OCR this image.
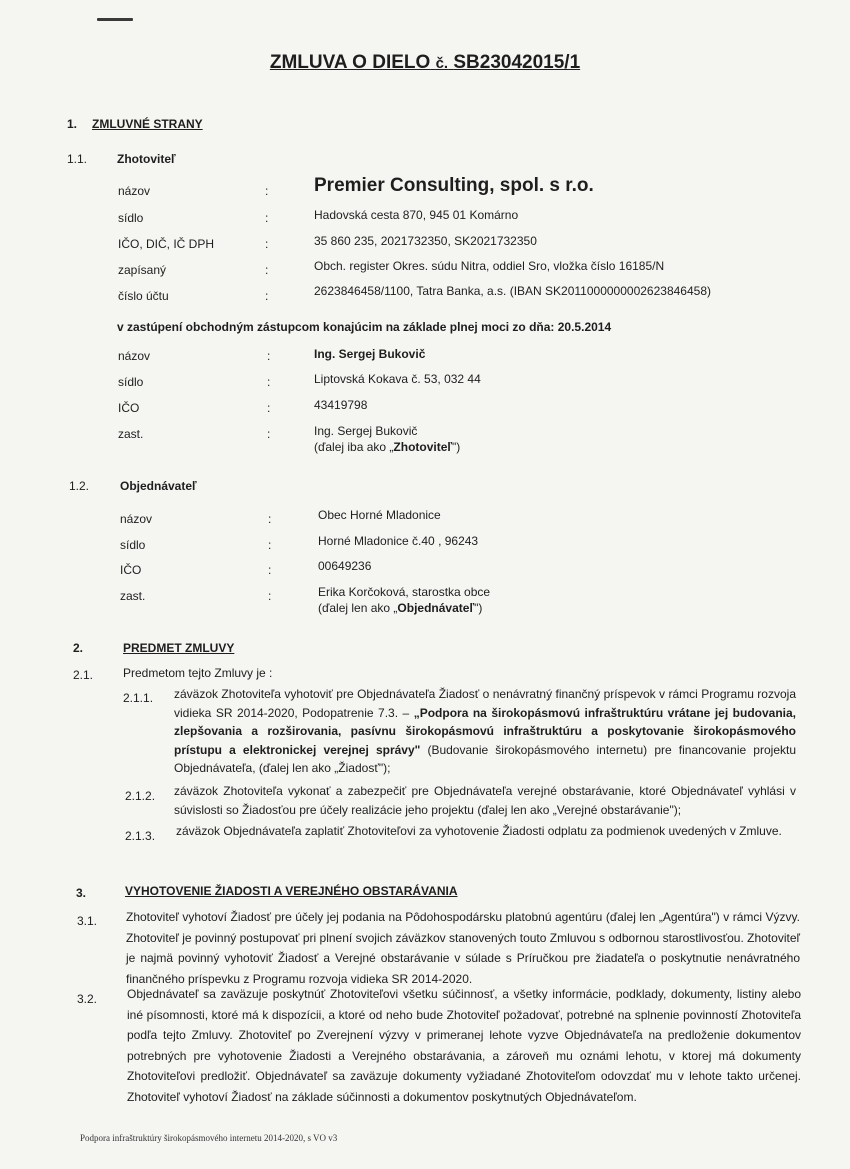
ZMLUVA O DIELO č. SB23042015/1
1. ZMLUVNÉ STRANY
1.1. Zhotoviteľ
názov	: Premier Consulting, spol. s r.o.
sídlo	:	Hadovská cesta 870, 945 01 Komárno
IČO, DIČ, IČ DPH	:	35 860 235, 2021732350, SK2021732350
zapísaný	:	Obch. register Okres. súdu Nitra, oddiel Sro, vložka číslo 16185/N
číslo účtu	:	2623846458/1100, Tatra Banka, a.s. (IBAN SK2011000000002623846458)
v zastúpení obchodným zástupcom konajúcim na základe plnej moci zo dňa: 20.5.2014
názov	:	Ing. Sergej Bukovič
sídlo	:	Liptovská Kokava č. 53, 032 44
IČO	:	43419798
zast.	:	Ing. Sergej Bukovič
(ďalej iba ako „Zhotoviteľ")
1.2.	Objednávateľ
názov	:	Obec Horné Mladonice
sídlo	:	Horné Mladonice č.40 , 96243
IČO	:	00649236
zast.	:	Erika Korčoková, starostka obce
(ďalej len ako „Objednávateľ")
2.	PREDMET ZMLUVY
2.1. Predmetom tejto Zmluvy je :
2.1.1. záväzok Zhotoviteľa vyhotoviť pre Objednávateľa Žiadosť o nenávratný finančný príspevok v rámci Programu rozvoja vidieka SR 2014-2020, Podopatrenie 7.3. – „Podpora na širokopásmovú infraštruktúru vrátane jej budovania, zlepšovania a rozširovania, pasívnu širokopásmovú infraštruktúru a poskytovanie širokopásmového prístupu a elektronickej verejnej správy" (Budovanie širokopásmového internetu) pre financovanie projektu Objednávateľa, (ďalej len ako „Žiadosť");
2.1.2. záväzok Zhotoviteľa vykonať a zabezpečiť pre Objednávateľa verejné obstarávanie, ktoré Objednávateľ vyhlási v súvislosti so Žiadosťou pre účely realizácie jeho projektu (ďalej len ako „Verejné obstarávanie");
2.1.3. záväzok Objednávateľa zaplatiť Zhotoviteľovi za vyhotovenie Žiadosti odplatu za podmienok uvedených v Zmluve.
3.	VYHOTOVENIE ŽIADOSTI A VEREJNÉHO OBSTARÁVANIA
3.1. Zhotoviteľ vyhotoví Žiadosť pre účely jej podania na Pôdohospodársku platobnú agentúru (ďalej len „Agentúra") v rámci Výzvy. Zhotoviteľ je povinný postupovať pri plnení svojich záväzkov stanovených touto Zmluvou s odbornou starostlivosťou. Zhotoviteľ je najmä povinný vyhotoviť Žiadosť a Verejné obstarávanie v súlade s Príručkou pre žiadateľa o poskytnutie nenávratného finančného príspevku z Programu rozvoja vidieka SR 2014-2020.
3.2. Objednávateľ sa zaväzuje poskytnúť Zhotoviteľovi všetku súčinnosť, a všetky informácie, podklady, dokumenty, listiny alebo iné písomnosti, ktoré má k dispozícii, a ktoré od neho bude Zhotoviteľ požadovať, potrebné na splnenie povinností Zhotoviteľa podľa tejto Zmluvy. Zhotoviteľ po Zverejnení výzvy v primeranej lehote vyzve Objednávateľa na predloženie dokumentov potrebných pre vyhotovenie Žiadosti a Verejného obstarávania, a zároveň mu oznámi lehotu, v ktorej má dokumenty Zhotoviteľovi predložiť. Objednávateľ sa zaväzuje dokumenty vyžiadané Zhotoviteľom odovzdať mu v lehote takto určenej. Zhotoviteľ vyhotoví Žiadosť na základe súčinnosti a dokumentov poskytnutých Objednávateľom.
Podpora infraštruktúry širokopásmového internetu 2014-2020, s VO v3
